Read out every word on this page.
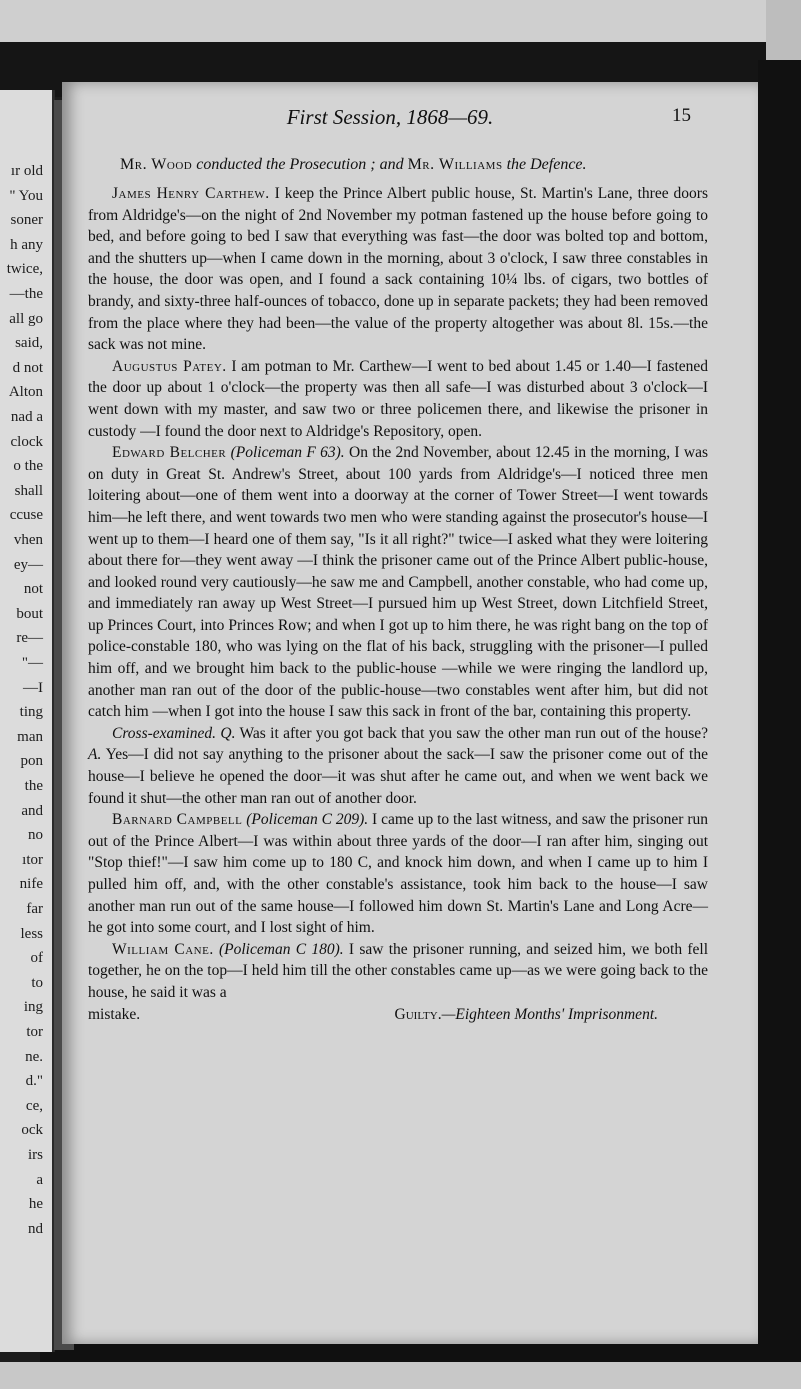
ır old
" You
soner
h any
twice,
—the
all go
said,
d not
Alton
nad a
clock
o the
shall
ccuse
vhen
ey—
not
bout
re—
"—
—I
ting
man
pon
the
and
no
ıtor
nife
far
less
of
to
ing
tor
ne.
d."
ce,
ock
irs
a
he
nd
First Session, 1868—69.	15
Mr. Wood conducted the Prosecution ; and Mr. Williams the Defence.

James Henry Carthew. I keep the Prince Albert public house, St. Martin's Lane, three doors from Aldridge's—on the night of 2nd November my potman fastened up the house before going to bed, and before going to bed I saw that everything was fast—the door was bolted top and bottom, and the shutters up—when I came down in the morning, about 3 o'clock, I saw three constables in the house, the door was open, and I found a sack containing 10¼ lbs. of cigars, two bottles of brandy, and sixty-three half-ounces of tobacco, done up in separate packets; they had been removed from the place where they had been—the value of the property altogether was about 8l. 15s.—the sack was not mine.

Augustus Patey. I am potman to Mr. Carthew—I went to bed about 1.45 or 1.40—I fastened the door up about 1 o'clock—the property was then all safe—I was disturbed about 3 o'clock—I went down with my master, and saw two or three policemen there, and likewise the prisoner in custody —I found the door next to Aldridge's Repository, open.

Edward Belcher (Policeman F 63). On the 2nd November, about 12.45 in the morning, I was on duty in Great St. Andrew's Street, about 100 yards from Aldridge's—I noticed three men loitering about—one of them went into a doorway at the corner of Tower Street—I went towards him—he left there, and went towards two men who were standing against the prosecutor's house—I went up to them—I heard one of them say, "Is it all right?" twice—I asked what they were loitering about there for—they went away —I think the prisoner came out of the Prince Albert public-house, and looked round very cautiously—he saw me and Campbell, another constable, who had come up, and immediately ran away up West Street—I pursued him up West Street, down Litchfield Street, up Princes Court, into Princes Row; and when I got up to him there, he was right bang on the top of police-constable 180, who was lying on the flat of his back, struggling with the prisoner—I pulled him off, and we brought him back to the public-house —while we were ringing the landlord up, another man ran out of the door of the public-house—two constables went after him, but did not catch him —when I got into the house I saw this sack in front of the bar, containing this property.

Cross-examined. Q. Was it after you got back that you saw the other man run out of the house? A. Yes—I did not say anything to the prisoner about the sack—I saw the prisoner come out of the house—I believe he opened the door—it was shut after he came out, and when we went back we found it shut—the other man ran out of another door.

Barnard Campbell (Policeman C 209). I came up to the last witness, and saw the prisoner run out of the Prince Albert—I was within about three yards of the door—I ran after him, singing out "Stop thief!"—I saw him come up to 180 C, and knock him down, and when I came up to him I pulled him off, and, with the other constable's assistance, took him back to the house—I saw another man run out of the same house—I followed him down St. Martin's Lane and Long Acre—he got into some court, and I lost sight of him.

William Cane. (Policeman C 180). I saw the prisoner running, and seized him, we both fell together, he on the top—I held him till the other constables came up—as we were going back to the house, he said it was a

mistake.	Guilty.—Eighteen Months' Imprisonment.
